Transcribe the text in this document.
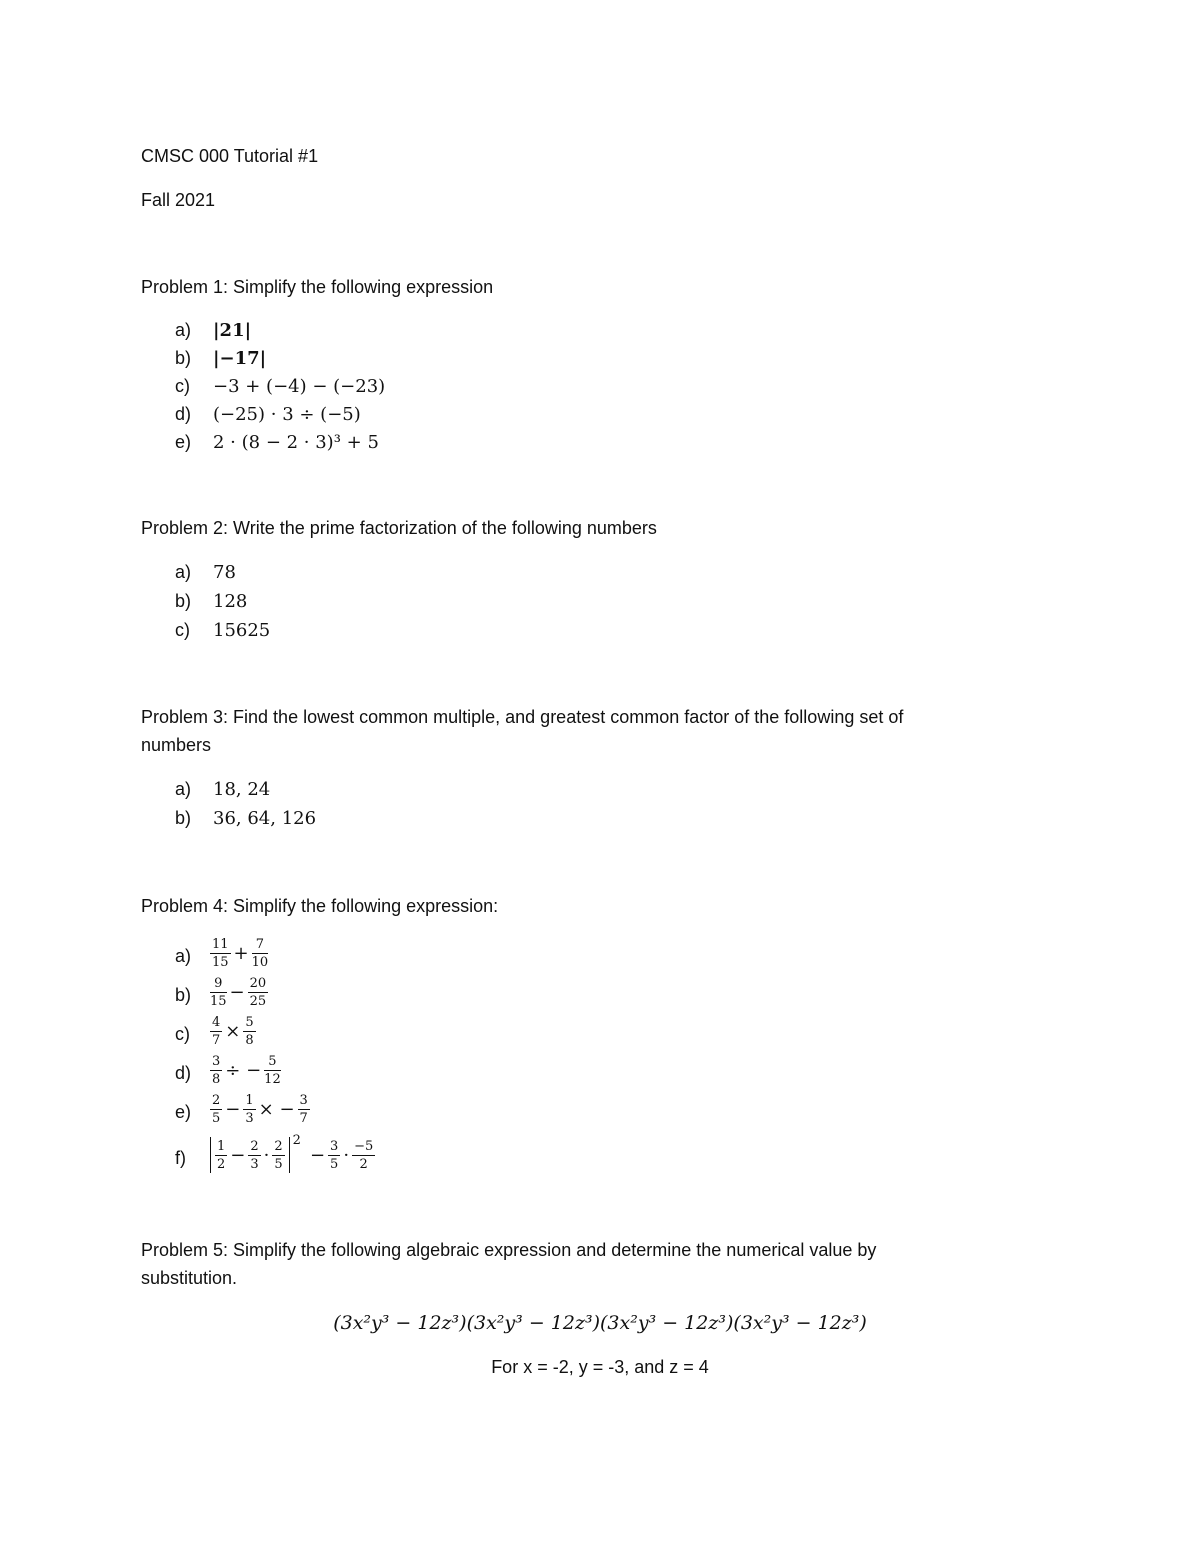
CMSC 000 Tutorial #1
Fall 2021
Problem 1: Simplify the following expression
a)	|21|
b)	|−17|
c)	−3 + (−4) − (−23)
d)	(−25) · 3 ÷ (−5)
e)	2 · (8 − 2 · 3)³ + 5
Problem 2: Write the prime factorization of the following numbers
a)	78
b)	128
c)	15625
Problem 3: Find the lowest common multiple, and greatest common factor of the following set of
numbers
a)	18, 24
b)	36, 64, 126
Problem 4: Simplify the following expression:
$a) \frac{11}{15} + \frac{7}{10}$
$b) \frac{9}{15} - \frac{20}{25}$
$c) \frac{4}{7} \times \frac{5}{8}$
$d) \frac{3}{8}$ ÷ − $\frac{5}{12}$
$e) \frac{2}{5} - \frac{1}{3}$ × − $\frac{3}{7}$
$f) \frac{1}{2} - \frac{2}{3} \cdot \frac{2}{5} 2- \frac{3}{5} \cdot \frac{-5}{2}$
Problem 5: Simplify the following algebraic expression and determine the numerical value by
substitution.
(3x²y³ − 12z³)(3x²y³ − 12z³)(3x²y³ − 12z³)(3x²y³ − 12z³)
For x = -2, y = -3, and z = 4
